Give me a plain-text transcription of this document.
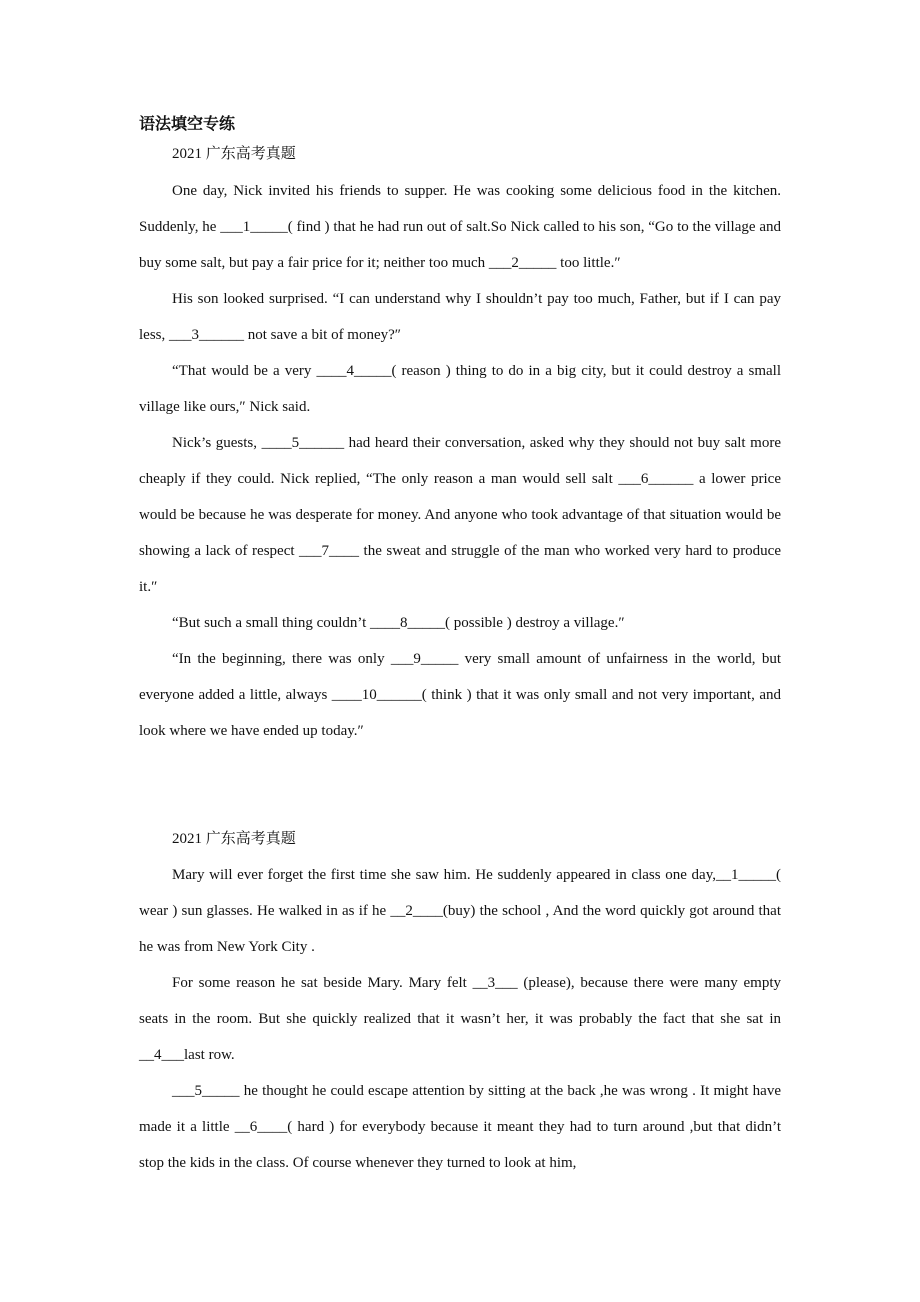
语法填空专练
2021 广东高考真题

One day, Nick invited his friends to supper. He was cooking some delicious food in the kitchen. Suddenly, he ___1_____( find ) that he had run out of salt.So Nick called to his son, “Go to the village and buy some salt, but pay a fair price for it; neither too much ___2_____ too little.″

His son looked surprised. “I can understand why I shouldn’t pay too much, Father, but if I can pay less, ___3______ not save a bit of money?″

“That would be a very ____4_____( reason ) thing to do in a big city, but it could destroy a small village like ours,″ Nick said.

Nick’s guests, ____5______ had heard their conversation, asked why they should not buy salt more cheaply if they could. Nick replied, “The only reason a man would sell salt ___6______ a lower price would be because he was desperate for money. And anyone who took advantage of that situation would be showing a lack of respect ___7____ the sweat and struggle of the man who worked very hard to produce it.″

“But such a small thing couldn’t ____8_____( possible ) destroy a village.″

“In the beginning, there was only ___9_____ very small amount of unfairness in the world, but everyone added a little, always ____10______( think ) that it was only small and not very important, and look where we have ended up today.″

2021 广东高考真题

Mary will ever forget the first time she saw him. He suddenly appeared in class one day,__1_____( wear ) sun glasses. He walked in as if he __2____(buy) the school , And the word quickly got around that he was from New York City .

For some reason he sat beside Mary. Mary felt __3___ (please), because there were many empty seats in the room. But she quickly realized that it wasn’t her, it was probably the fact that she sat in __4___last row.

___5_____ he thought he could escape attention by sitting at the back ,he was wrong . It might have made it a little __6____( hard ) for everybody because it meant they had to turn around ,but that didn’t stop the kids in the class. Of course whenever they turned to look at him,
